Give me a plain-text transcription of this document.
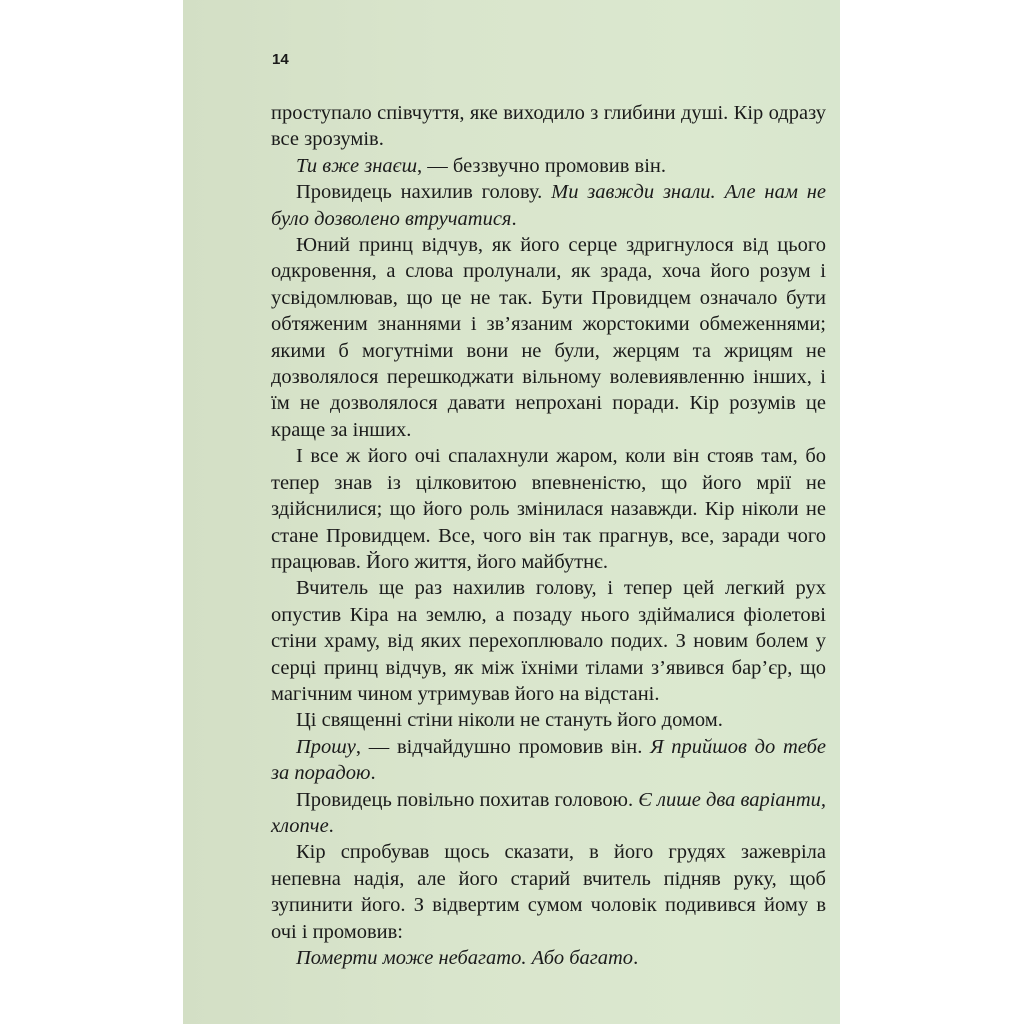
14

проступало співчуття, яке виходило з глибини душі. Кір одразу все зрозумів.

Ти вже знаєш, — беззвучно промовив він.

Провидець нахилив голову. Ми завжди знали. Але нам не було дозволено втручатися.

Юний принц відчув, як його серце здригнулося від цього одкровення, а слова пролунали, як зрада, хоча його розум і усвідомлював, що це не так. Бути Провидцем означало бути обтяженим знаннями і зв’язаним жорстокими обмеженнями; якими б могутніми вони не були, жерцям та жрицям не дозволялося перешкоджати вільному волевиявленню інших, і їм не дозволялося давати непрохані поради. Кір розумів це краще за інших.

І все ж його очі спалахнули жаром, коли він стояв там, бо тепер знав із цілковитою впевненістю, що його мрії не здійснилися; що його роль змінилася назавжди. Кір ніколи не стане Провидцем. Все, чого він так прагнув, все, заради чого працював. Його життя, його майбутнє.

Вчитель ще раз нахилив голову, і тепер цей легкий рух опустив Кіра на землю, а позаду нього здіймалися фіолетові стіни храму, від яких перехоплювало подих. З новим болем у серці принц відчув, як між їхніми тілами з’явився бар’єр, що магічним чином утримував його на відстані.

Ці священні стіни ніколи не стануть його домом.

Прошу, — відчайдушно промовив він. Я прийшов до тебе за порадою.

Провидець повільно похитав головою. Є лише два варіанти, хлопче.

Кір спробував щось сказати, в його грудях зажевріла непевна надія, але його старий вчитель підняв руку, щоб зупинити його. З відвертим сумом чоловік подивився йому в очі і промовив:

Померти може небагато. Або багато.
